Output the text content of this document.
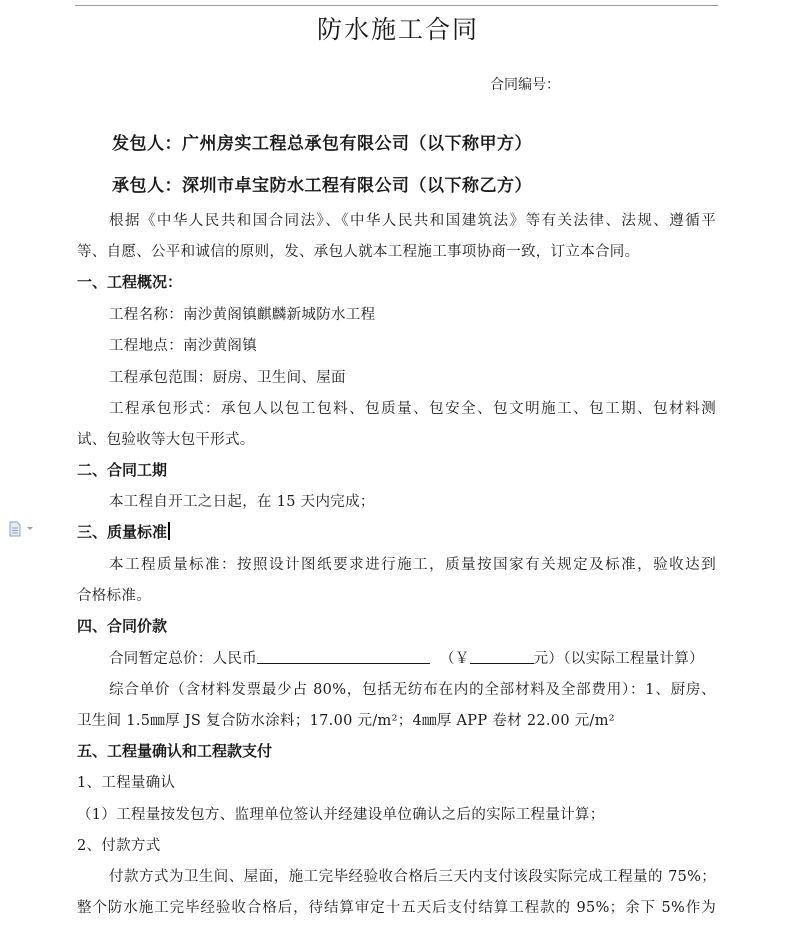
防水施工合同
合同编号：
发包人：广州房实工程总承包有限公司（以下称甲方）
承包人：深圳市卓宝防水工程有限公司（以下称乙方）
根据《中华人民共和国合同法》、《中华人民共和国建筑法》等有关法律、法规、遵循平
等、自愿、公平和诚信的原则，发、承包人就本工程施工事项协商一致，订立本合同。
一、工程概况：
工程名称：南沙黄阁镇麒麟新城防水工程
工程地点：南沙黄阁镇
工程承包范围：厨房、卫生间、屋面
工程承包形式：承包人以包工包料、包质量、包安全、包文明施工、包工期、包材料测
试、包验收等大包干形式。
二、合同工期
本工程自开工之日起，在 15 天内完成；
三、质量标准
本工程质量标准：按照设计图纸要求进行施工，质量按国家有关规定及标准，验收达到
合格标准。
四、合同价款
合同暂定总价：人民币	（￥	元）（以实际工程量计算）
综合单价（含材料发票最少占 80%，包括无纺布在内的全部材料及全部费用）：1、厨房、
卫生间 1.5㎜厚 JS 复合防水涂料；17.00 元/m²；4㎜厚 APP 卷材 22.00 元/m²
五、工程量确认和工程款支付
1、工程量确认
（1）工程量按发包方、监理单位签认并经建设单位确认之后的实际工程量计算；
2、付款方式
付款方式为卫生间、屋面，施工完毕经验收合格后三天内支付该段实际完成工程量的 75%；
整个防水施工完毕经验收合格后，待结算审定十五天后支付结算工程款的 95%；余下 5%作为
